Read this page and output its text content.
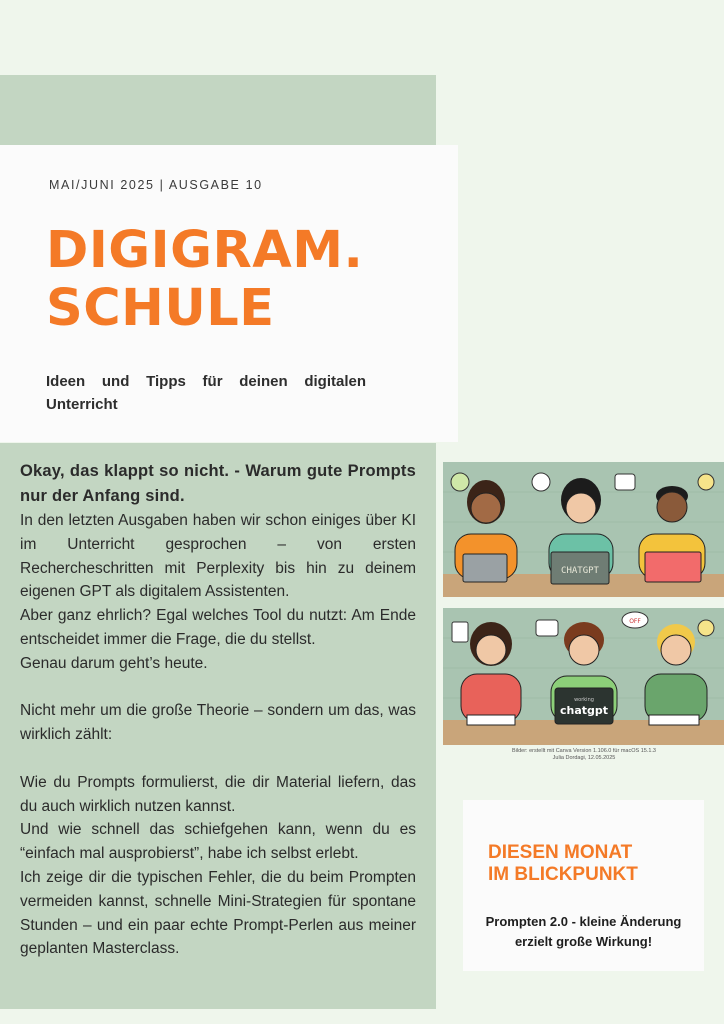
MAI/JUNI 2025 | AUSGABE 10

DIGIGRAM.
SCHULE

Ideen und Tipps für deinen digitalen Unterricht

Okay, das klappt so nicht. - Warum gute Prompts nur der Anfang sind.

In den letzten Ausgaben haben wir schon einiges über KI im Unterricht gesprochen – von ersten Rechercheschritten mit Perplexity bis hin zu deinem eigenen GPT als digitalem Assistenten.

Aber ganz ehrlich? Egal welches Tool du nutzt: Am Ende entscheidet immer die Frage, die du stellst.

Genau darum geht’s heute.

Nicht mehr um die große Theorie – sondern um das, was wirklich zählt:

Wie du Prompts formulierst, die dir Material liefern, das du auch wirklich nutzen kannst.

Und wie schnell das schiefgehen kann, wenn du es “einfach mal ausprobierst”, habe ich selbst erlebt.

Ich zeige dir die typischen Fehler, die du beim Prompten vermeiden kannst, schnelle Mini-Strategien für spontane Stunden – und ein paar echte Prompt-Perlen aus meiner geplanten Masterclass.

CHATGPT
OFF
working
chatgpt
Bilder: erstellt mit Canva Version 1.106.0 für macOS 15.1.3
Julia Dordagi, 12.05.2025
DIESEN MONAT
IM BLICKPUNKT

Prompten 2.0 - kleine Änderung erzielt große Wirkung!
